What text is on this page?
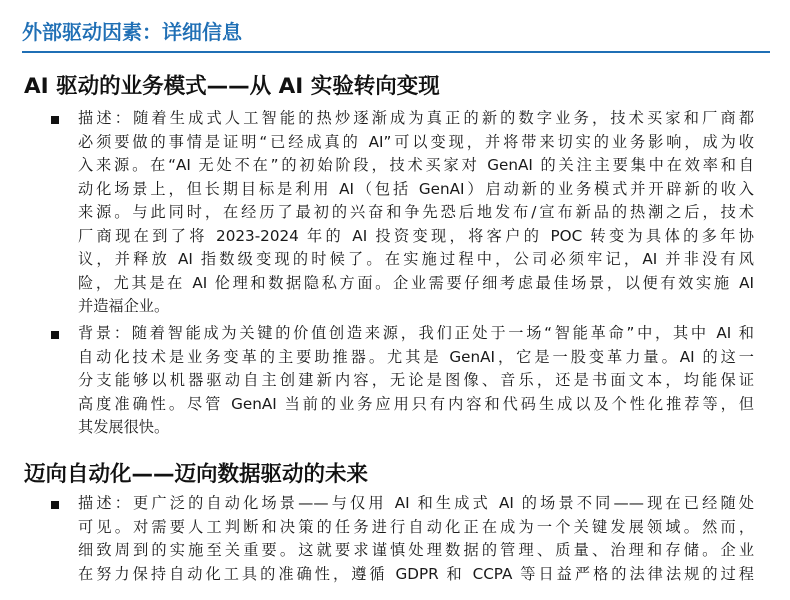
外部驱动因素：详细信息
AI 驱动的业务模式——从 AI 实验转向变现
描述：随着生成式人工智能的热炒逐渐成为真正的新的数字业务，技术买家和厂商都
必须要做的事情是证明“已经成真的 AI”可以变现，并将带来切实的业务影响，成为收
入来源。在“AI 无处不在”的初始阶段，技术买家对 GenAI 的关注主要集中在效率和自
动化场景上，但长期目标是利用 AI（包括 GenAI）启动新的业务模式并开辟新的收入
来源。与此同时，在经历了最初的兴奋和争先恐后地发布/宣布新品的热潮之后，技术
厂商现在到了将 2023-2024 年的 AI 投资变现，将客户的 POC 转变为具体的多年协
议，并释放 AI 指数级变现的时候了。在实施过程中，公司必须牢记，AI 并非没有风
险，尤其是在 AI 伦理和数据隐私方面。企业需要仔细考虑最佳场景，以便有效实施 AI
并造福企业。
背景：随着智能成为关键的价值创造来源，我们正处于一场“智能革命”中，其中 AI 和
自动化技术是业务变革的主要助推器。尤其是 GenAI，它是一股变革力量。AI 的这一
分支能够以机器驱动自主创建新内容，无论是图像、音乐，还是书面文本，均能保证
高度准确性。尽管 GenAI 当前的业务应用只有内容和代码生成以及个性化推荐等，但
其发展很快。
迈向自动化——迈向数据驱动的未来
描述：更广泛的自动化场景——与仅用 AI 和生成式 AI 的场景不同——现在已经随处
可见。对需要人工判断和决策的任务进行自动化正在成为一个关键发展领域。然而，
细致周到的实施至关重要。这就要求谨慎处理数据的管理、质量、治理和存储。企业
在努力保持自动化工具的准确性，遵循 GDPR 和 CCPA 等日益严格的法律法规的过程
